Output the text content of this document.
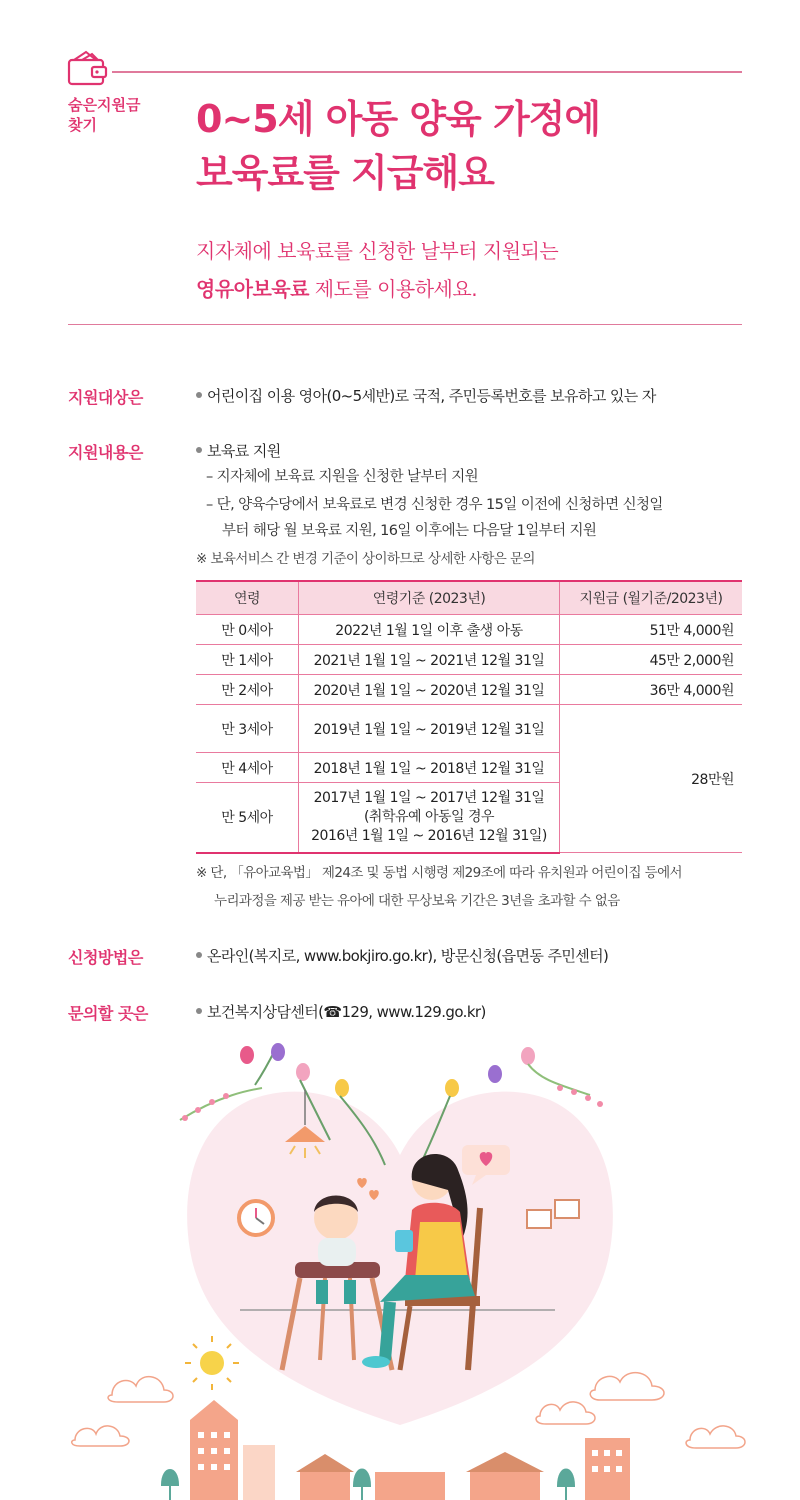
숨은지원금
찾기	0~5세 아동 양육 가정에
보육료를 지급해요
지자체에 보육료를 신청한 날부터 지원되는
영유아보육료 제도를 이용하세요.
지원대상은	어린이집 이용 영아(0~5세반)로 국적, 주민등록번호를 보유하고 있는 자
지원내용은	보육료 지원
– 지자체에 보육료 지원을 신청한 날부터 지원
– 단, 양육수당에서 보육료로 변경 신청한 경우 15일 이전에 신청하면 신청일
부터 해당 월 보육료 지원, 16일 이후에는 다음달 1일부터 지원
※ 보육서비스 간 변경 기준이 상이하므로 상세한 사항은 문의
연령	연령기준 (2023년)	지원금 (월기준/2023년)
만 0세아	2022년 1월 1일 이후 출생 아동	51만 4,000원
만 1세아	2021년 1월 1일 ~ 2021년 12월 31일	45만 2,000원
만 2세아	2020년 1월 1일 ~ 2020년 12월 31일	36만 4,000원
만 3세아	2019년 1월 1일 ~ 2019년 12월 31일	28만원
만 4세아	2018년 1월 1일 ~ 2018년 12월 31일	
만 5세아	2017년 1월 1일 ~ 2017년 12월 31일
(취학유예 아동일 경우
2016년 1월 1일 ~ 2016년 12월 31일)	
※ 단, 「유아교육법」 제24조 및 동법 시행령 제29조에 따라 유치원과 어린이집 등에서
누리과정을 제공 받는 유아에 대한 무상보육 기간은 3년을 초과할 수 없음
신청방법은	온라인(복지로, www.bokjiro.go.kr), 방문신청(읍면동 주민센터)
문의할 곳은	보건복지상담센터(☎129, www.129.go.kr)
